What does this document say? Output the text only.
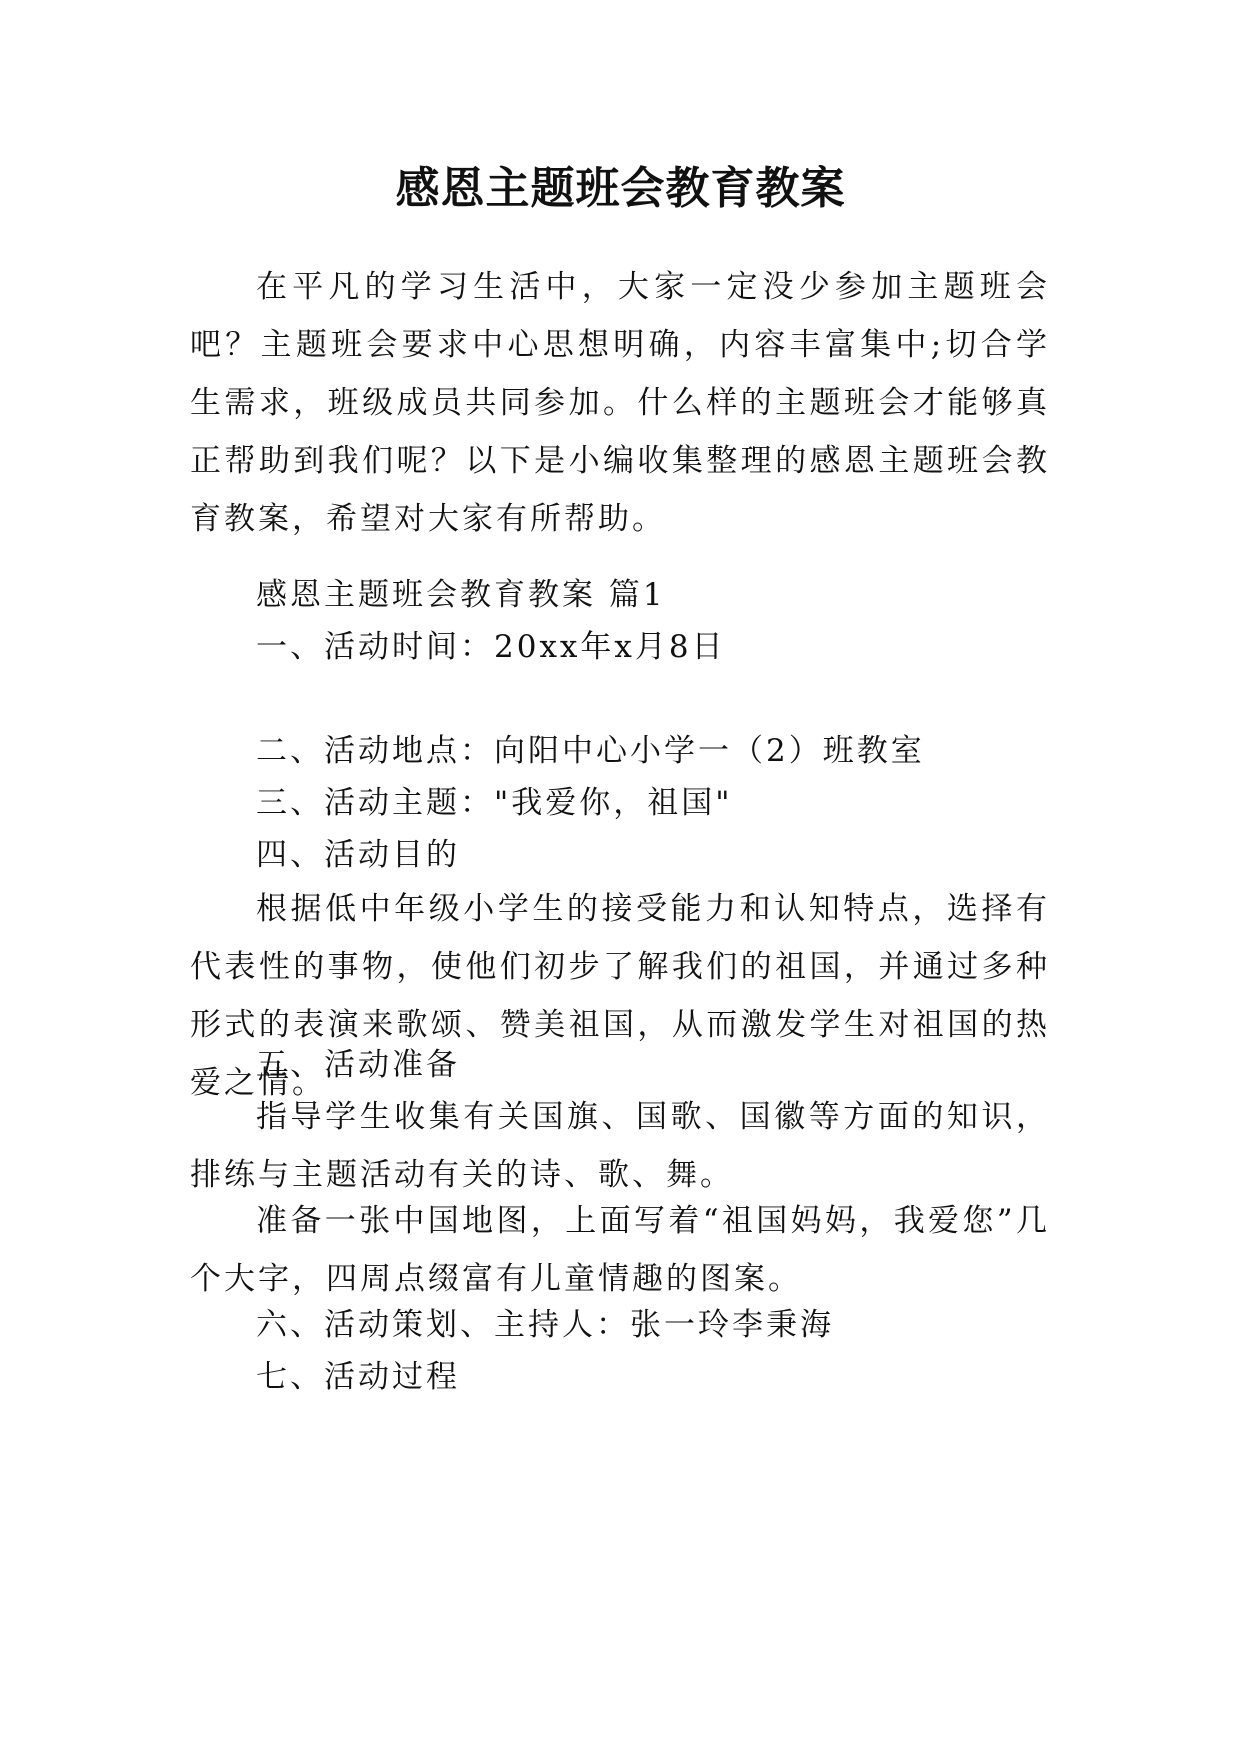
感恩主题班会教育教案

在平凡的学习生活中，大家一定没少参加主题班会吧？主题班会要求中心思想明确，内容丰富集中;切合学生需求，班级成员共同参加。什么样的主题班会才能够真正帮助到我们呢？以下是小编收集整理的感恩主题班会教育教案，希望对大家有所帮助。

感恩主题班会教育教案 篇1

一、活动时间：20xx年x月8日

二、活动地点：向阳中心小学一（2）班教室

三、活动主题："我爱你，祖国"

四、活动目的

根据低中年级小学生的接受能力和认知特点，选择有代表性的事物，使他们初步了解我们的祖国，并通过多种形式的表演来歌颂、赞美祖国，从而激发学生对祖国的热爱之情。

五、活动准备

指导学生收集有关国旗、国歌、国徽等方面的知识，排练与主题活动有关的诗、歌、舞。

准备一张中国地图，上面写着“祖国妈妈，我爱您”几个大字，四周点缀富有儿童情趣的图案。

六、活动策划、主持人：张一玲李秉海

七、活动过程
